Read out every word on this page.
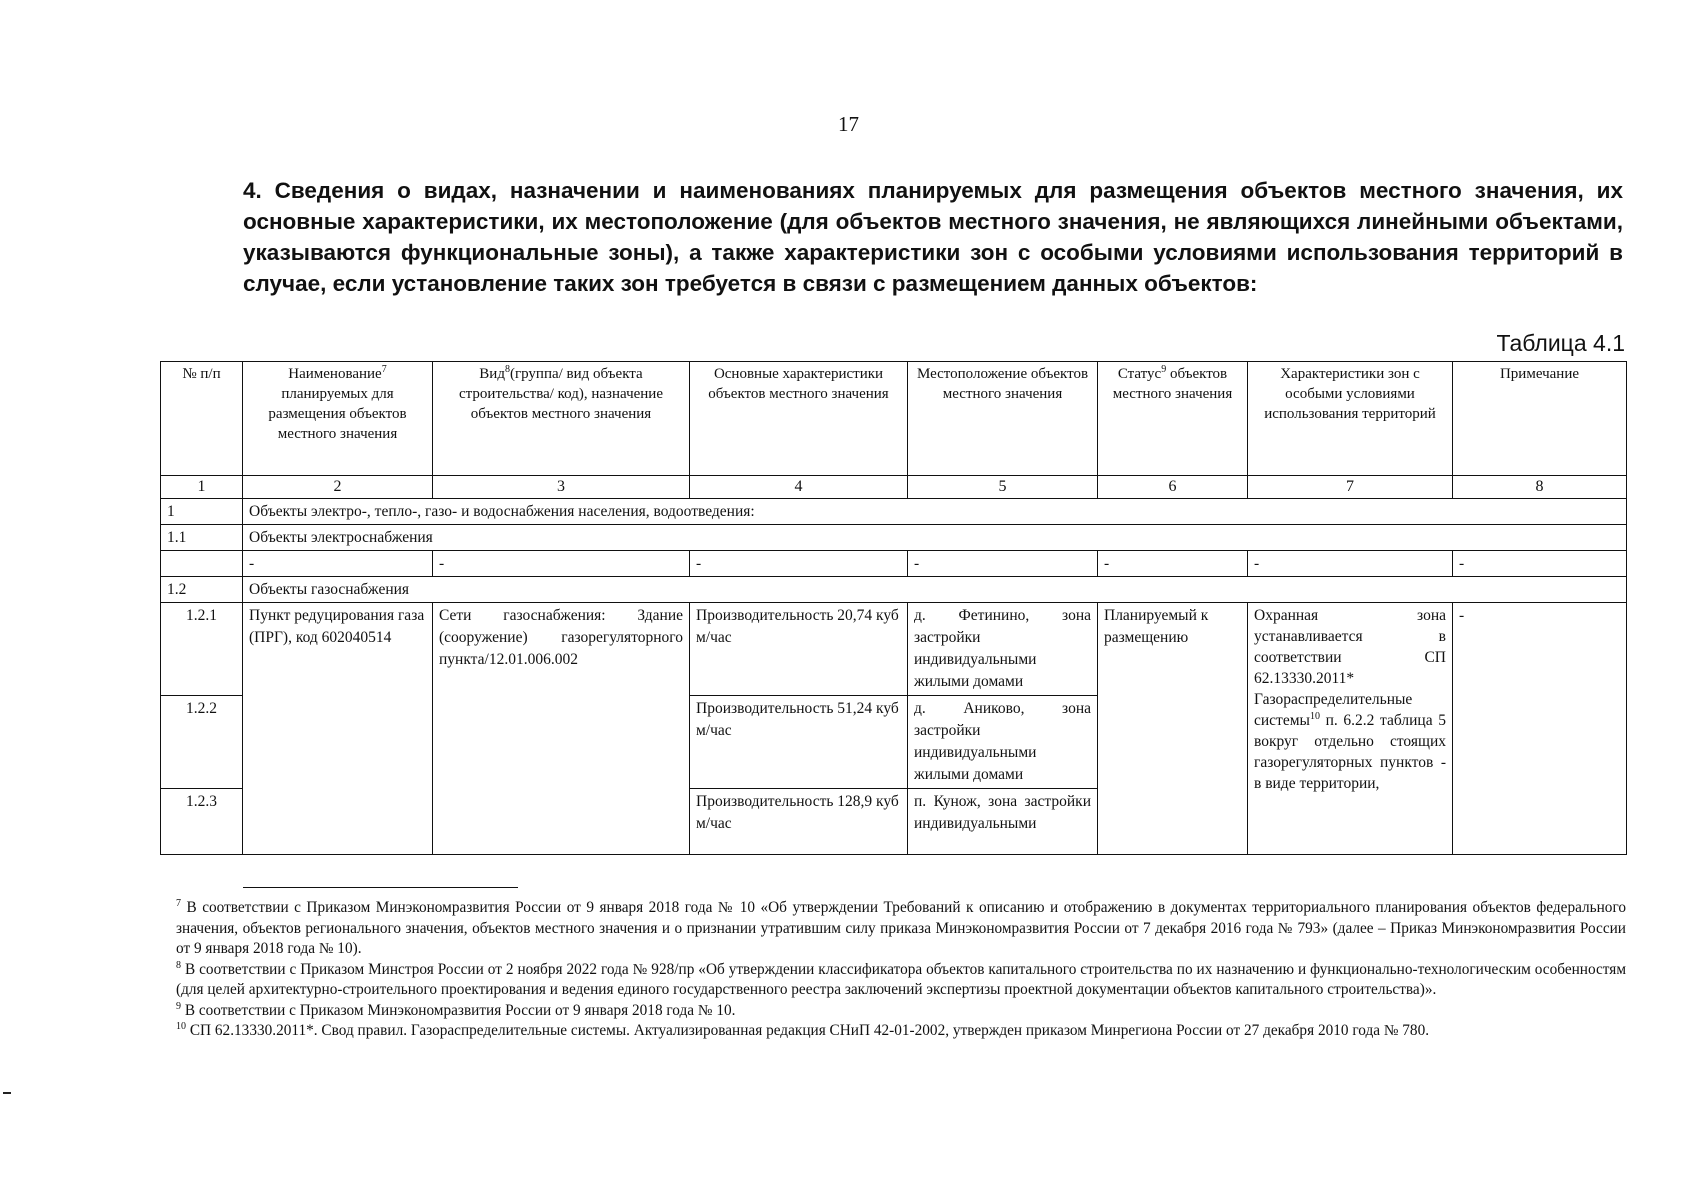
17

4. Сведения о видах, назначении и наименованиях планируемых для размещения объектов местного значения, их основные характеристики, их местоположение (для объектов местного значения, не являющихся линейными объектами, указываются функциональные зоны), а также характеристики зон с особыми условиями использования территорий в случае, если установление таких зон требуется в связи с размещением данных объектов:

Таблица 4.1
№ п/п	Наименование$^7$ планируемых для размещения объектов местного значения	Вид$^8$(группа/ вид объекта строительства/ код), назначение объектов местного значения	Основные характеристики объектов местного значения	Местоположение объектов местного значения	Статус$^9$ объектов местного значения	Характеристики зон с особыми условиями использования территорий	Примечание
1	2	3	4	5	6	7	8
1	Объекты электро-, тепло-, газо- и водоснабжения населения, водоотведения:						
1.1	Объекты электроснабжения						
	-	-	-	-	-	-	-
1.2	Объекты газоснабжения						
1.2.1	Пункт редуцирования газа (ПРГ), код 602040514	Сети газоснабжения: Здание (сооружение) газорегуляторного пункта/12.01.006.002	Производительность 20,74 куб м/час	д. Фетинино, зона застройки индивидуальными жилыми домами	Планируемый к размещению	Охранная зона устанавливается в соответствии СП 62.13330.2011* Газораспределительные системы$^{10}$ п. 6.2.2 таблица 5 вокруг отдельно стоящих газорегуляторных пунктов - в виде территории,	-
1.2.2			Производительность 51,24 куб м/час	д. Аниково, зона застройки индивидуальными жилыми домами			
1.2.3			Производительность 128,9 куб м/час	п. Кунож, зона застройки индивидуальными			

$^7$ В соответствии с Приказом Минэкономразвития России от 9 января 2018 года № 10 «Об утверждении Требований к описанию и отображению в документах территориального планирования объектов федерального значения, объектов регионального значения, объектов местного значения и о признании утратившим силу приказа Минэкономразвития России от 7 декабря 2016 года № 793» (далее – Приказ Минэкономразвития России от 9 января 2018 года № 10).

$^8$ В соответствии с Приказом Минстроя России от 2 ноября 2022 года № 928/пр «Об утверждении классификатора объектов капитального строительства по их назначению и функционально-технологическим особенностям (для целей архитектурно-строительного проектирования и ведения единого государственного реестра заключений экспертизы проектной документации объектов капитального строительства)».

$^9$ В соответствии с Приказом Минэкономразвития России от 9 января 2018 года № 10.

$^{10}$ СП 62.13330.2011*. Свод правил. Газораспределительные системы. Актуализированная редакция СНиП 42-01-2002, утвержден приказом Минрегиона России от 27 декабря 2010 года № 780.
